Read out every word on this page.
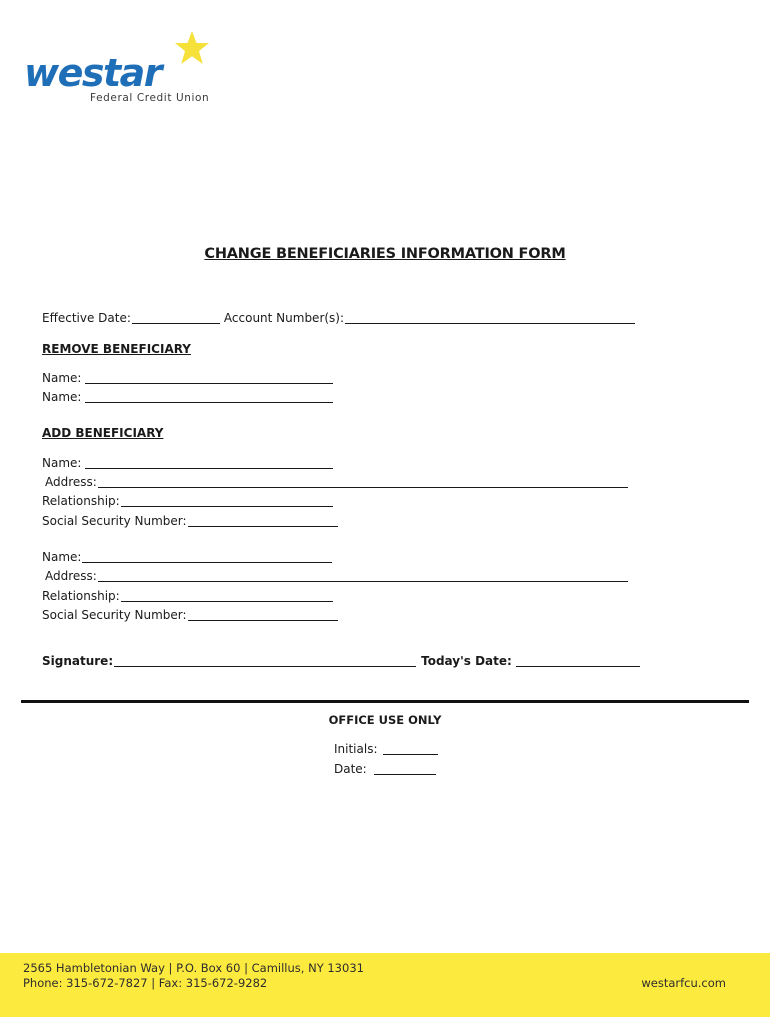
westar
Federal Credit Union
CHANGE BENEFICIARIES INFORMATION FORM
Effective Date:	Account Number(s):
REMOVE BENEFICIARY
Name:
Name:
ADD BENEFICIARY
Name:
Address:
Relationship:
Social Security Number:
Name:
Address:
Relationship:
Social Security Number:
Signature:	Today's Date:
OFFICE USE ONLY
Initials:
Date:
2565 Hambletonian Way | P.O. Box 60 | Camillus, NY 13031
Phone: 315-672-7827 | Fax: 315-672-9282	westarfcu.com
